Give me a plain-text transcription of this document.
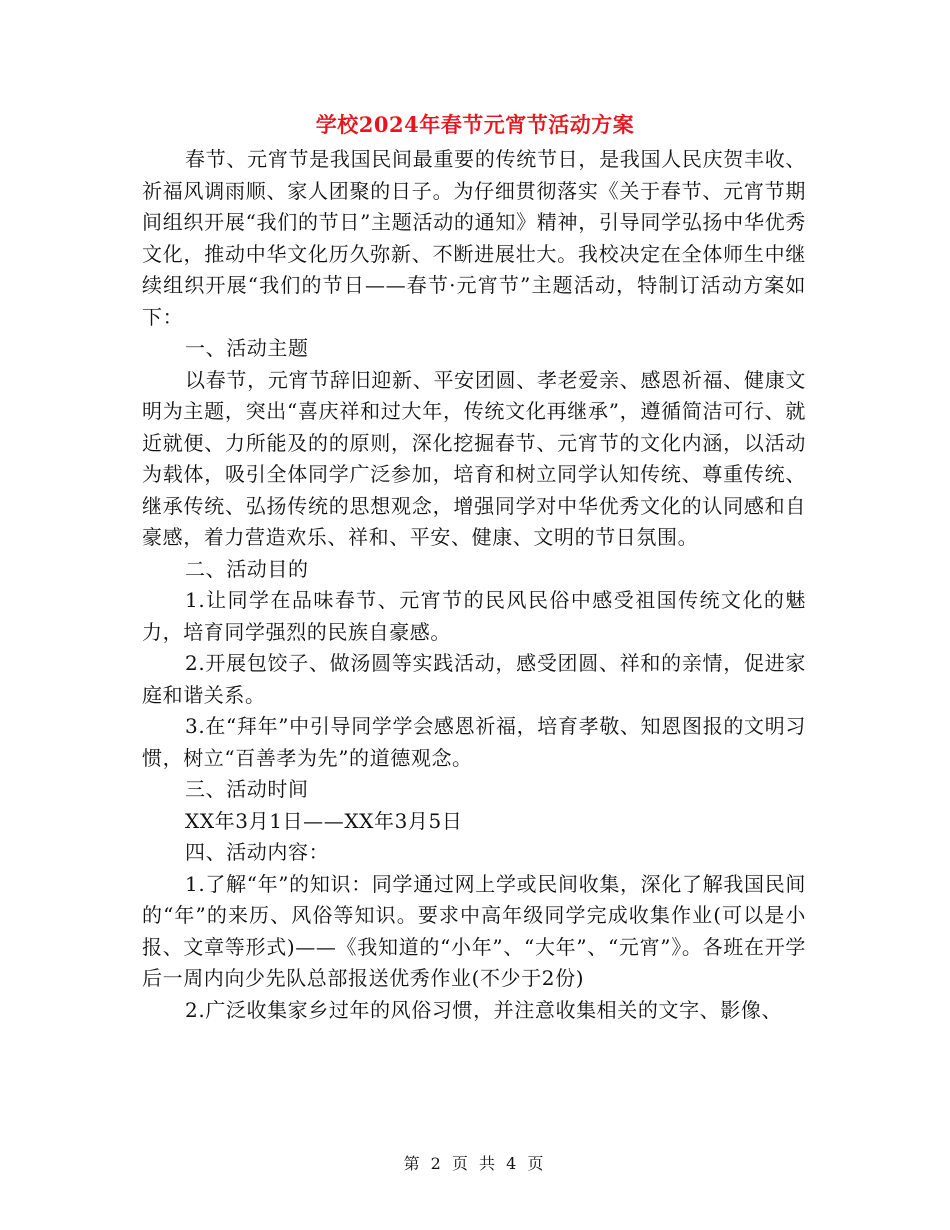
学校2024年春节元宵节活动方案

春节、元宵节是我国民间最重要的传统节日，是我国人民庆贺丰收、祈福风调雨顺、家人团聚的日子。为仔细贯彻落实《关于春节、元宵节期间组织开展“我们的节日”主题活动的通知》精神，引导同学弘扬中华优秀文化，推动中华文化历久弥新、不断进展壮大。我校决定在全体师生中继续组织开展“我们的节日——春节·元宵节”主题活动，特制订活动方案如下：

一、活动主题

以春节，元宵节辞旧迎新、平安团圆、孝老爱亲、感恩祈福、健康文明为主题，突出“喜庆祥和过大年，传统文化再继承”，遵循简洁可行、就近就便、力所能及的的原则，深化挖掘春节、元宵节的文化内涵，以活动为载体，吸引全体同学广泛参加，培育和树立同学认知传统、尊重传统、继承传统、弘扬传统的思想观念，增强同学对中华优秀文化的认同感和自豪感，着力营造欢乐、祥和、平安、健康、文明的节日氛围。

二、活动目的

1.让同学在品味春节、元宵节的民风民俗中感受祖国传统文化的魅力，培育同学强烈的民族自豪感。

2.开展包饺子、做汤圆等实践活动，感受团圆、祥和的亲情，促进家庭和谐关系。

3.在“拜年”中引导同学学会感恩祈福，培育孝敬、知恩图报的文明习惯，树立“百善孝为先”的道德观念。

三、活动时间

XX年3月1日——XX年3月5日

四、活动内容：

1.了解“年”的知识：同学通过网上学或民间收集，深化了解我国民间的“年”的来历、风俗等知识。要求中高年级同学完成收集作业(可以是小报、文章等形式)——《我知道的“小年”、“大年”、“元宵”》。各班在开学后一周内向少先队总部报送优秀作业(不少于2份)

2.广泛收集家乡过年的风俗习惯，并注意收集相关的文字、影像、

第 2 页 共 4 页
